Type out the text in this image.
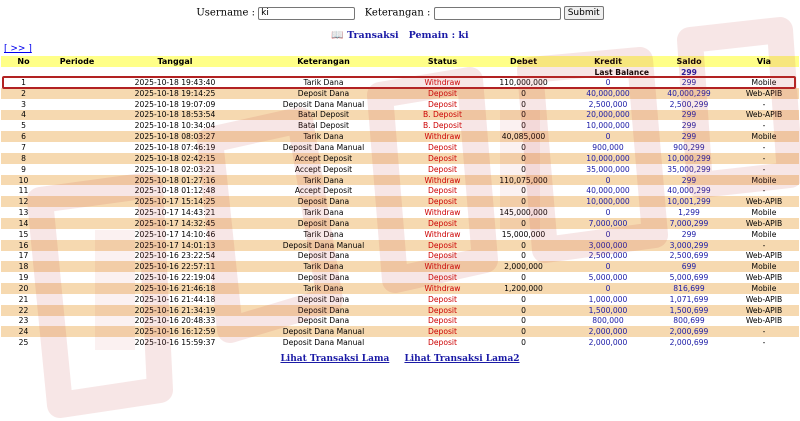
Username : ki	Keterangan :	Submit
📖 Transaksi Pemain : ki
[ >> ]
No	Periode	Tanggal	Keterangan	Status	Debet	Kredit	Saldo	Via
Last Balance							299	
1		2025-10-18 19:43:40	Tarik Dana	Withdraw	110,000,000	0	299	Mobile
2		2025-10-18 19:14:25	Deposit Dana	Deposit	0	40,000,000	40,000,299	Web-APIB
3		2025-10-18 19:07:09	Deposit Dana Manual	Deposit	0	2,500,000	2,500,299	-
4		2025-10-18 18:53:54	Batal Deposit	B. Deposit	0	20,000,000	299	Web-APIB
5		2025-10-18 10:34:04	Batal Deposit	B. Deposit	0	10,000,000	299	-
6		2025-10-18 08:03:27	Tarik Dana	Withdraw	40,085,000	0	299	Mobile
7		2025-10-18 07:46:19	Deposit Dana Manual	Deposit	0	900,000	900,299	-
8		2025-10-18 02:42:15	Accept Deposit	Deposit	0	10,000,000	10,000,299	-
9		2025-10-18 02:03:21	Accept Deposit	Deposit	0	35,000,000	35,000,299	-
10		2025-10-18 01:27:16	Tarik Dana	Withdraw	110,075,000	0	299	Mobile
11		2025-10-18 01:12:48	Accept Deposit	Deposit	0	40,000,000	40,000,299	-
12		2025-10-17 15:14:25	Deposit Dana	Deposit	0	10,000,000	10,001,299	Web-APIB
13		2025-10-17 14:43:21	Tarik Dana	Withdraw	145,000,000	0	1,299	Mobile
14		2025-10-17 14:32:45	Deposit Dana	Deposit	0	7,000,000	7,000,299	Web-APIB
15		2025-10-17 14:10:46	Tarik Dana	Withdraw	15,000,000	0	299	Mobile
16		2025-10-17 14:01:13	Deposit Dana Manual	Deposit	0	3,000,000	3,000,299	-
17		2025-10-16 23:22:54	Deposit Dana	Deposit	0	2,500,000	2,500,699	Web-APIB
18		2025-10-16 22:57:11	Tarik Dana	Withdraw	2,000,000	0	699	Mobile
19		2025-10-16 22:19:04	Deposit Dana	Deposit	0	5,000,000	5,000,699	Web-APIB
20		2025-10-16 21:46:18	Tarik Dana	Withdraw	1,200,000	0	816,699	Mobile
21		2025-10-16 21:44:18	Deposit Dana	Deposit	0	1,000,000	1,071,699	Web-APIB
22		2025-10-16 21:34:19	Deposit Dana	Deposit	0	1,500,000	1,500,699	Web-APIB
23		2025-10-16 20:48:33	Deposit Dana	Deposit	0	800,000	800,699	Web-APIB
24		2025-10-16 16:12:59	Deposit Dana Manual	Deposit	0	2,000,000	2,000,699	-
25		2025-10-16 15:59:37	Deposit Dana Manual	Deposit	0	2,000,000	2,000,699	-
Lihat Transaksi Lama Lihat Transaksi Lama2
